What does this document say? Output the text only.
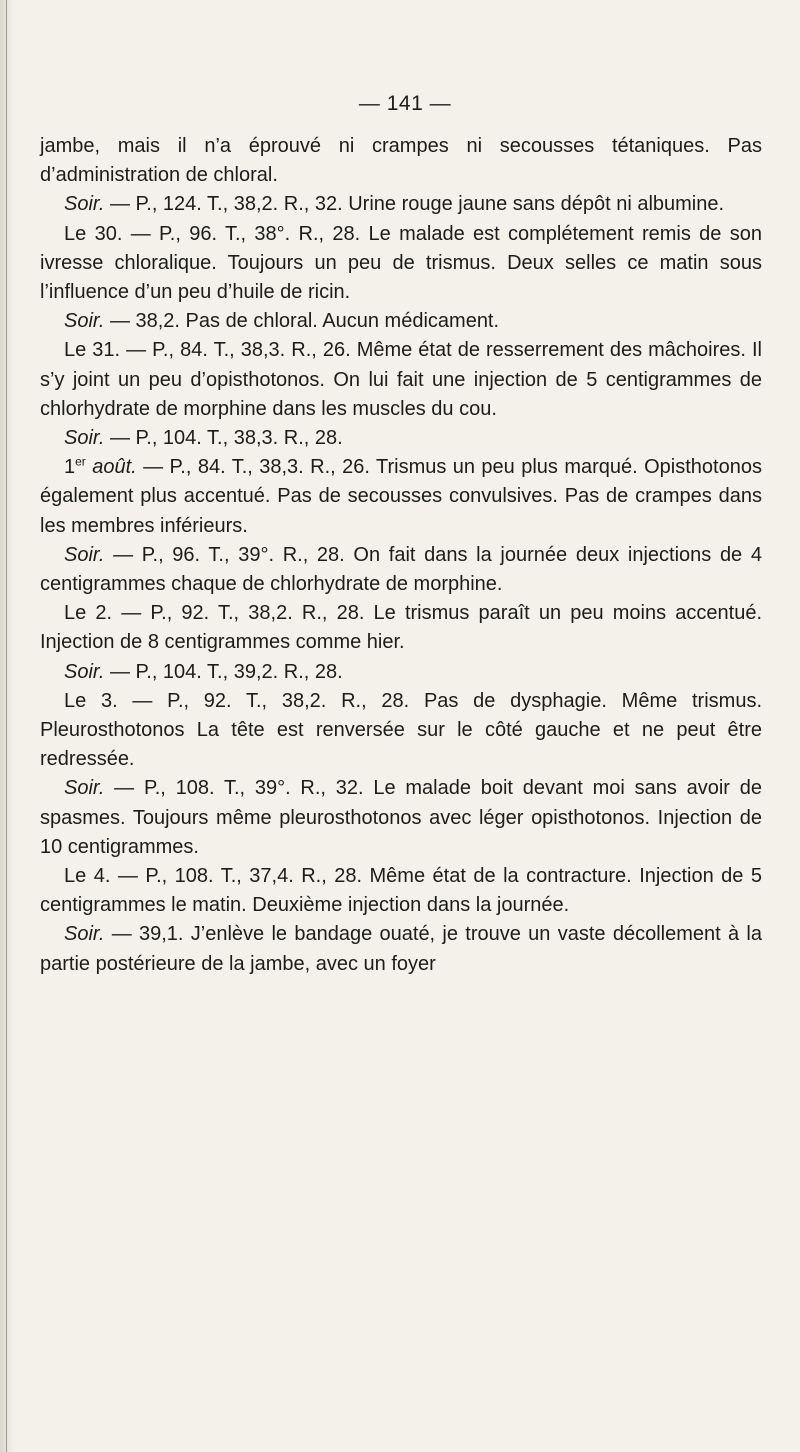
— 141 —

jambe, mais il n’a éprouvé ni crampes ni secousses tétaniques. Pas d’administration de chloral.

Soir. — P., 124. T., 38,2. R., 32. Urine rouge jaune sans dépôt ni albumine.

Le 30. — P., 96. T., 38°. R., 28. Le malade est complétement remis de son ivresse chloralique. Toujours un peu de trismus. Deux selles ce matin sous l’influence d’un peu d’huile de ricin.

Soir. — 38,2. Pas de chloral. Aucun médicament.

Le 31. — P., 84. T., 38,3. R., 26. Même état de resserrement des mâchoires. Il s’y joint un peu d’opisthotonos. On lui fait une injection de 5 centigrammes de chlorhydrate de morphine dans les muscles du cou.

Soir. — P., 104. T., 38,3. R., 28.

1er août. — P., 84. T., 38,3. R., 26. Trismus un peu plus marqué. Opisthotonos également plus accentué. Pas de secousses convulsives. Pas de crampes dans les membres inférieurs.

Soir. — P., 96. T., 39°. R., 28. On fait dans la journée deux injections de 4 centigrammes chaque de chlorhydrate de morphine.

Le 2. — P., 92. T., 38,2. R., 28. Le trismus paraît un peu moins accentué. Injection de 8 centigrammes comme hier.

Soir. — P., 104. T., 39,2. R., 28.

Le 3. — P., 92. T., 38,2. R., 28. Pas de dysphagie. Même trismus. Pleurosthotonos La tête est renversée sur le côté gauche et ne peut être redressée.

Soir. — P., 108. T., 39°. R., 32. Le malade boit devant moi sans avoir de spasmes. Toujours même pleurosthotonos avec léger opisthotonos. Injection de 10 centigrammes.

Le 4. — P., 108. T., 37,4. R., 28. Même état de la contracture. Injection de 5 centigrammes le matin. Deuxième injection dans la journée.

Soir. — 39,1. J’enlève le bandage ouaté, je trouve un vaste décollement à la partie postérieure de la jambe, avec un foyer
